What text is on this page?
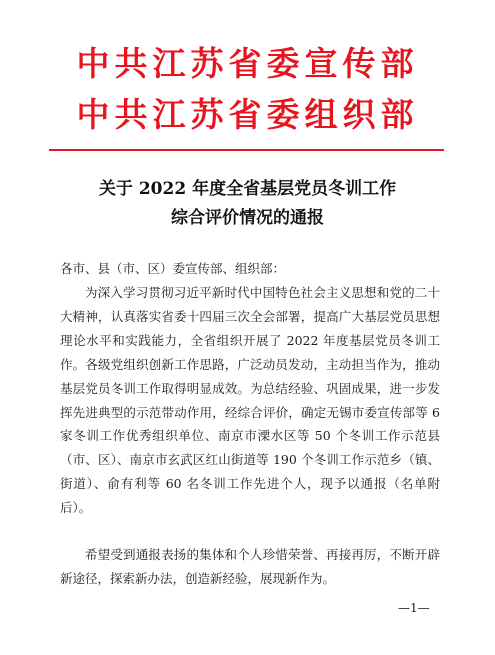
中共江苏省委宣传部
中共江苏省委组织部
关于 2022 年度全省基层党员冬训工作
综合评价情况的通报

各市、县（市、区）委宣传部、组织部：

为深入学习贯彻习近平新时代中国特色社会主义思想和党的二十大精神，认真落实省委十四届三次全会部署，提高广大基层党员思想理论水平和实践能力，全省组织开展了 2022 年度基层党员冬训工作。各级党组织创新工作思路，广泛动员发动，主动担当作为，推动基层党员冬训工作取得明显成效。为总结经验、巩固成果，进一步发挥先进典型的示范带动作用，经综合评价，确定无锡市委宣传部等 6 家冬训工作优秀组织单位、南京市溧水区等 50 个冬训工作示范县（市、区）、南京市玄武区红山街道等 190 个冬训工作示范乡（镇、街道）、俞有利等 60 名冬训工作先进个人，现予以通报（名单附后）。

希望受到通报表扬的集体和个人珍惜荣誉、再接再厉，不断开辟新途径，探索新办法，创造新经验，展现新作为。

—1—
